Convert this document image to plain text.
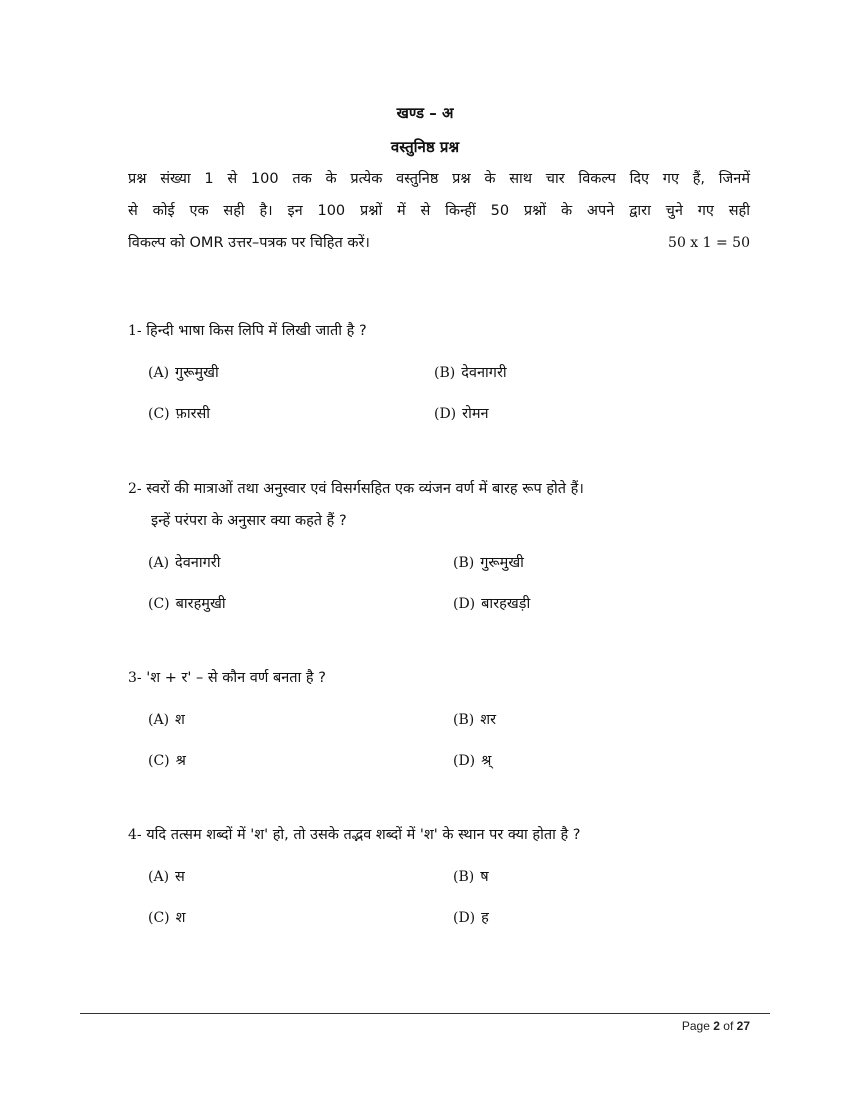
खण्ड – अ
वस्तुनिष्ठ प्रश्न
प्रश्न संख्या 1 से 100 तक के प्रत्येक वस्तुनिष्ठ प्रश्न के साथ चार विकल्प दिए गए हैं, जिनमें
से कोई एक सही है। इन 100 प्रश्नों में से किन्हीं 50 प्रश्नों के अपने द्वारा चुने गए सही
विकल्प को OMR उत्तर–पत्रक पर चिहित करें।	50 x 1 = 50
1- हिन्दी भाषा किस लिपि में लिखी जाती है ?
(A) गुरूमुखी	(B) देवनागरी
(C) फ़ारसी	(D) रोमन
2- स्वरों की मात्राओं तथा अनुस्वार एवं विसर्गसहित एक व्यंजन वर्ण में बारह रूप होते हैं।
इन्हें परंपरा के अनुसार क्या कहते हैं ?
(A) देवनागरी	(B) गुरूमुखी
(C) बारहमुखी	(D) बारहखड़ी
3- 'श + र' – से कौन वर्ण बनता है ?
(A) श	(B) शर
(C) श्र	(D) श्र्
4- यदि तत्सम शब्दों में 'श' हो, तो उसके तद्भव शब्दों में 'श' के स्थान पर क्या होता है ?
(A) स	(B) ष
(C) श	(D) ह
Page 2 of 27
